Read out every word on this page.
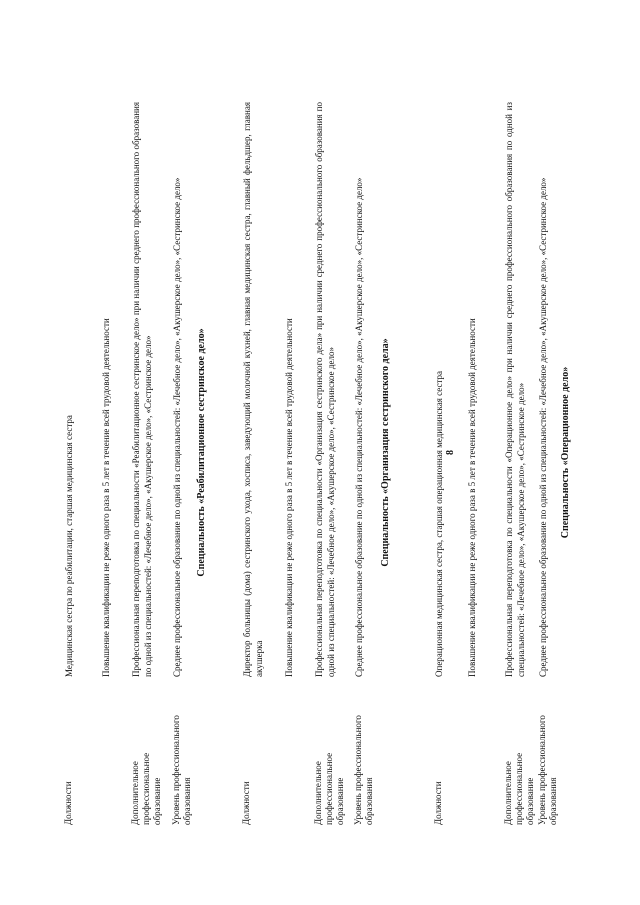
8	Специальность «Операционное дело»
Уровень профессионального образования
Среднее профессиональное образование по одной из специальностей: «Лечебное дело», «Акушерское дело», «Сестринское дело»
Дополнительное профессиональное образование
Профессиональная переподготовка по специальности «Операционное дело» при наличии среднего профессионального образования по одной из специальностей: «Лечебное дело», «Акушерское дело», «Сестринское дело»
Повышение квалификации не реже одного раза в 5 лет в течение всей трудовой деятельности
Должности
Операционная медицинская сестра, старшая операционная медицинская сестра
Специальность «Организация сестринского дела»
Уровень профессионального образования
Среднее профессиональное образование по одной из специальностей: «Лечебное дело», «Акушерское дело», «Сестринское дело»
Дополнительное профессиональное образование
Профессиональная переподготовка по специальности «Организация сестринского дела» при наличии среднего профессионального образования по одной из специальностей: «Лечебное дело», «Акушерское дело», «Сестринское дело»
Повышение квалификации не реже одного раза в 5 лет в течение всей трудовой деятельности
Должности
Директор больницы (дома) сестринского ухода, хосписа, заведующий молочной кухней, главная медицинская сестра, главный фельдшер, главная акушерка
Специальность «Реабилитационное сестринское дело»
Уровень профессионального образования
Среднее профессиональное образование по одной из специальностей: «Лечебное дело», «Акушерское дело», «Сестринское дело»
Дополнительное профессиональное образование
Профессиональная переподготовка по специальности «Реабилитационное сестринское дело» при наличии среднего профессионального образования по одной из специальностей: «Лечебное дело», «Акушерское дело», «Сестринское дело»
Повышение квалификации не реже одного раза в 5 лет в течение всей трудовой деятельности
Должности
Медицинская сестра по реабилитации, старшая медицинская сестра
